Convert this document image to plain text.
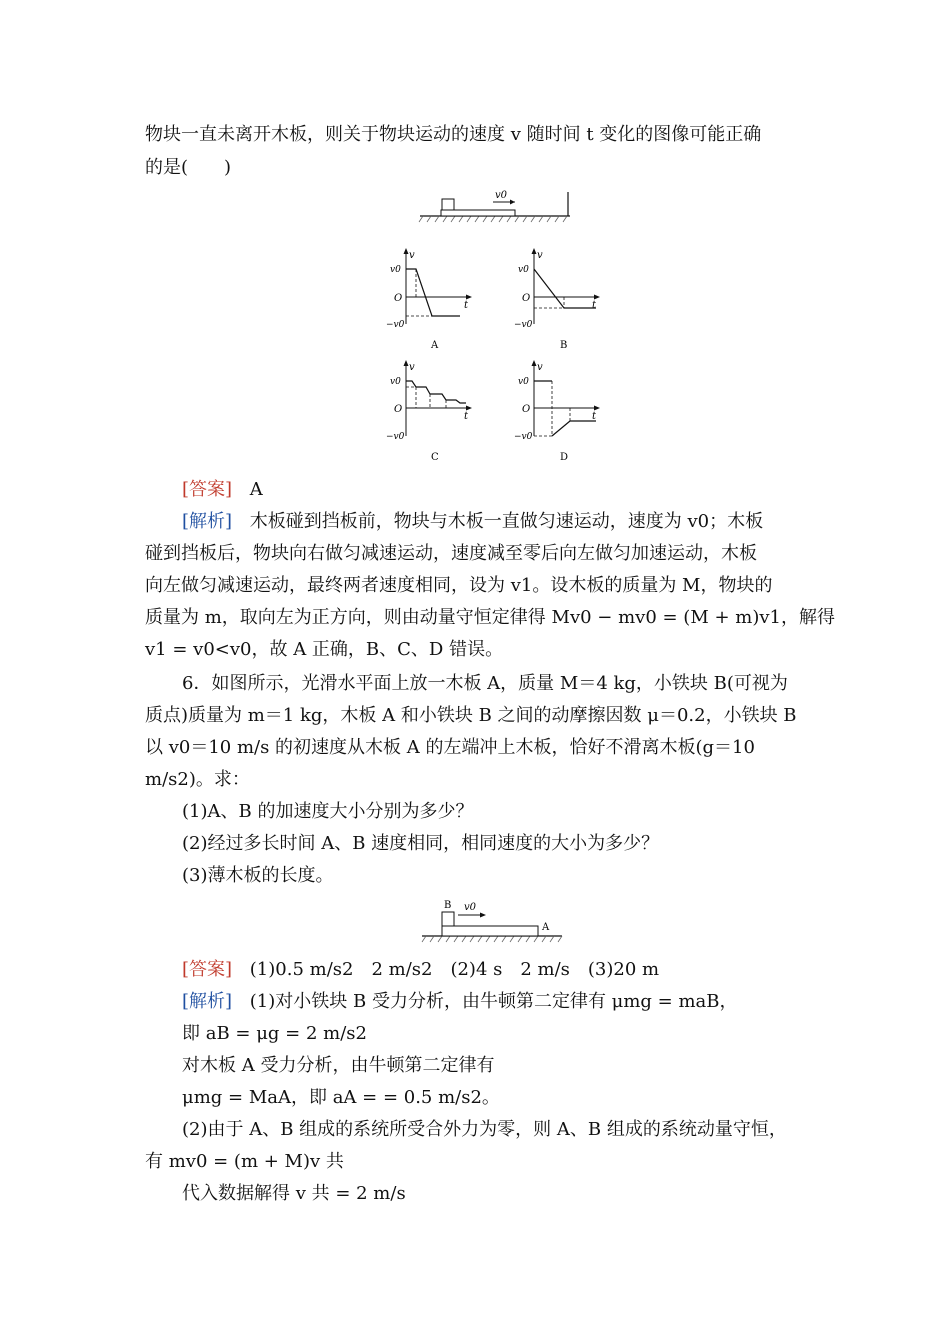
物块一直未离开木板，则关于物块运动的速度 v 随时间 t 变化的图像可能正确
的是(　　)
v0
v
t
O
v0
−v0
A
v
t
O
v0
−v0
B
v
t
O
v0
−v0
C
v
t
O
v0
−v0
D
[答案] A
[解析] 木板碰到挡板前，物块与木板一直做匀速运动，速度为 v0；木板
碰到挡板后，物块向右做匀减速运动，速度减至零后向左做匀加速运动，木板
向左做匀减速运动，最终两者速度相同，设为 v1。设木板的质量为 M，物块的
质量为 m，取向左为正方向，则由动量守恒定律得 Mv0 − mv0 = (M + m)v1，解得
v1 = v0<v0，故 A 正确，B、C、D 错误。
6．如图所示，光滑水平面上放一木板 A，质量 M＝4 kg，小铁块 B(可视为
质点)质量为 m＝1 kg，木板 A 和小铁块 B 之间的动摩擦因数 μ＝0.2，小铁块 B
以 v0＝10 m/s 的初速度从木板 A 的左端冲上木板，恰好不滑离木板(g＝10
m/s2)。求：
(1)A、B 的加速度大小分别为多少？
(2)经过多长时间 A、B 速度相同，相同速度的大小为多少？
(3)薄木板的长度。
B
A
v0
[答案] (1)0.5 m/s2　2 m/s2　(2)4 s　2 m/s　(3)20 m
[解析] (1)对小铁块 B 受力分析，由牛顿第二定律有 μmg = maB，
即 aB = μg = 2 m/s2
对木板 A 受力分析，由牛顿第二定律有
μmg = MaA，即 aA = = 0.5 m/s2。
(2)由于 A、B 组成的系统所受合外力为零，则 A、B 组成的系统动量守恒，
有 mv0 = (m + M)v 共
代入数据解得 v 共 = 2 m/s
